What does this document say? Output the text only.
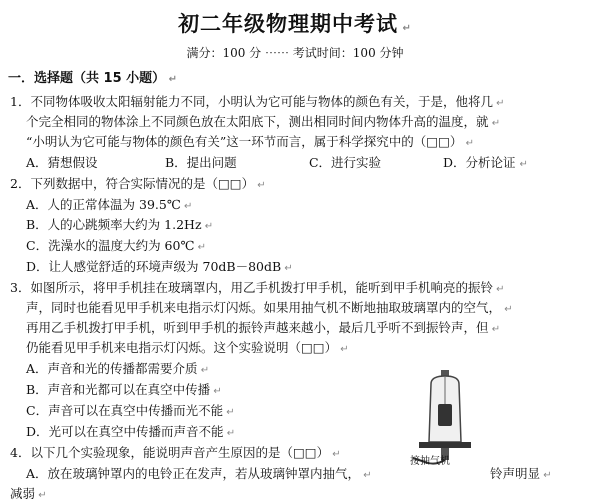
初二年级物理期中考试 ↵
满分：100 分 ⋯⋯ 考试时间：100 分钟
一．选择题（共 15 小题） ↵
1．不同物体吸收太阳辐射能力不同，小明认为它可能与物体的颜色有关，于是，他将几 ↵
个完全相同的物体涂上不同颜色放在太阳底下，测出相同时间内物体升高的温度，就 ↵
“小明认为它可能与物体的颜色有关”这一环节而言，属于科学探究中的（□□） ↵
A．猜想假设	B．提出问题	C．进行实验	D．分析论证 ↵
2．下列数据中，符合实际情况的是（□□） ↵
A．人的正常体温为 39.5℃ ↵
B．人的心跳频率大约为 1.2Hz ↵
C．洗澡水的温度大约为 60℃ ↵
D．让人感觉舒适的环境声级为 70dB－80dB ↵
3．如图所示，将甲手机挂在玻璃罩内，用乙手机拨打甲手机，能听到甲手机响亮的振铃 ↵
声，同时也能看见甲手机来电指示灯闪烁。如果用抽气机不断地抽取玻璃罩内的空气， ↵
再用乙手机拨打甲手机，听到甲手机的振铃声越来越小，最后几乎听不到振铃声，但 ↵
仍能看见甲手机来电指示灯闪烁。这个实验说明（□□） ↵
A．声音和光的传播都需要介质 ↵
B．声音和光都可以在真空中传播 ↵
C．声音可以在真空中传播而光不能 ↵
D．光可以在真空中传播而声音不能 ↵
4．以下几个实验现象，能说明声音产生原因的是（□□） ↵
A．放在玻璃钟罩内的电铃正在发声，若从玻璃钟罩内抽气， ↵	铃声明显 ↵
减弱 ↵
接抽气机
